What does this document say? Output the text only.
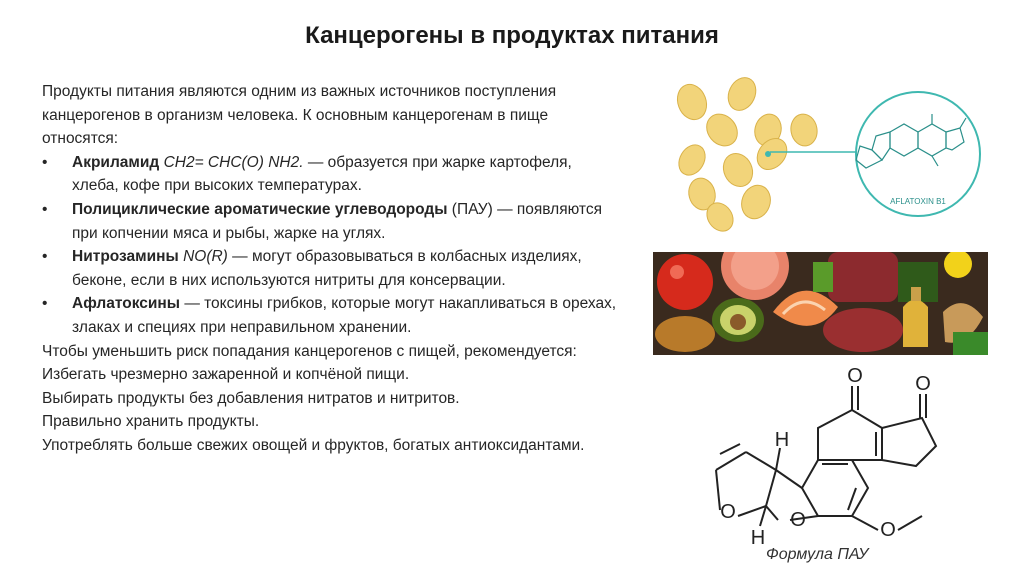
Канцерогены в продуктах питания

Продукты питания являются одним из важных источников поступления канцерогенов в организм человека. К основным канцерогенам в пище относятся:

• Акриламид CH2= CHC(O) NH2. — образуется при жарке картофеля, хлеба, кофе при высоких температурах.
• Полициклические ароматические углеводороды (ПАУ) — появляются при копчении мяса и рыбы, жарке на углях.
• Нитрозамины NO(R) — могут образовываться в колбасных изделиях, беконе, если в них используются нитриты для консервации.
• Афлатоксины — токсины грибков, которые могут накапливаться в орехах, злаках и специях при неправильном хранении.

Чтобы уменьшить риск попадания канцерогенов с пищей, рекомендуется:

Избегать чрезмерно зажаренной и копчёной пищи.

Выбирать продукты без добавления нитратов и нитритов.

Правильно хранить продукты.

Употреблять больше свежих овощей и фруктов, богатых антиоксидантами.

AFLATOXIN B1
O	O
O
O
O
H
H
Формула ПАУ
